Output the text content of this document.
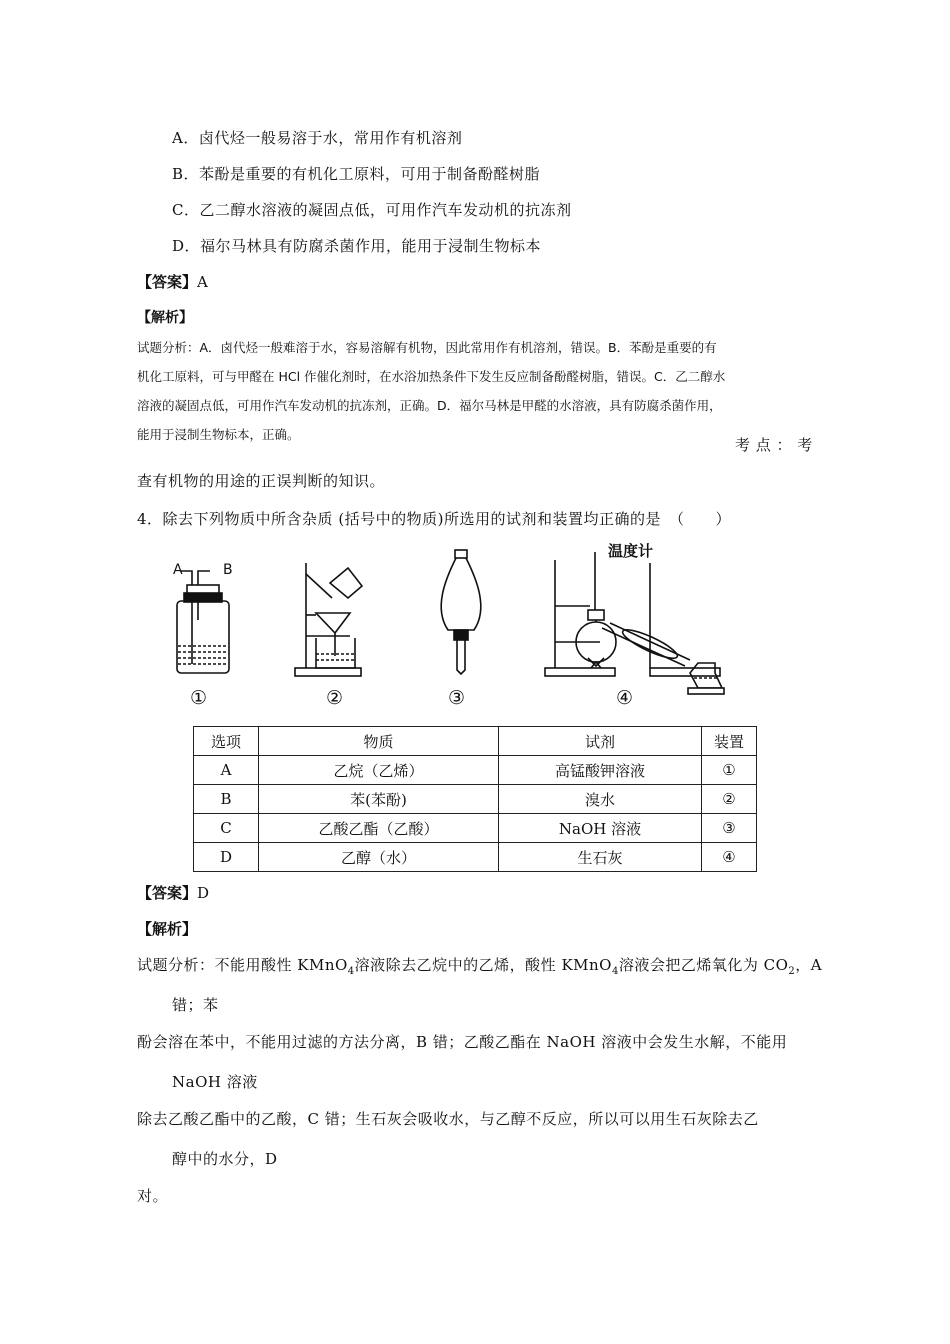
A．卤代烃一般易溶于水，常用作有机溶剂
B．苯酚是重要的有机化工原料，可用于制备酚醛树脂
C．乙二醇水溶液的凝固点低，可用作汽车发动机的抗冻剂
D．福尔马林具有防腐杀菌作用，能用于浸制生物标本
【答案】A
【解析】
试题分析：A．卤代烃一般难溶于水，容易溶解有机物，因此常用作有机溶剂，错误。B．苯酚是重要的有
机化工原料，可与甲醛在 HCl 作催化剂时，在水浴加热条件下发生反应制备酚醛树脂，错误。C．乙二醇水
溶液的凝固点低，可用作汽车发动机的抗冻剂，正确。D．福尔马林是甲醛的水溶液，具有防腐杀菌作用，
能用于浸制生物标本，正确。
考 点 ： 考
查有机物的用途的正误判断的知识。
4．除去下列物质中所含杂质 (括号中的物质)所选用的试剂和装置均正确的是　（　　）
A	B
温度计
①	②	③	④
选项	物质	试剂	装置
A	乙烷（乙烯）	高锰酸钾溶液	①
B	苯(苯酚)	溴水	②
C	乙酸乙酯（乙酸）	NaOH 溶液	③
D	乙醇（水）	生石灰	④
【答案】D
【解析】
试题分析：不能用酸性 KMnO$_4$溶液除去乙烷中的乙烯，酸性 KMnO$_4$溶液会把乙烯氧化为 $CO_2$，A
错；苯
酚会溶在苯中，不能用过滤的方法分离，B 错；乙酸乙酯在 NaOH 溶液中会发生水解，不能用
NaOH 溶液
除去乙酸乙酯中的乙酸，C 错；生石灰会吸收水，与乙醇不反应，所以可以用生石灰除去乙
醇中的水分，D
对。
